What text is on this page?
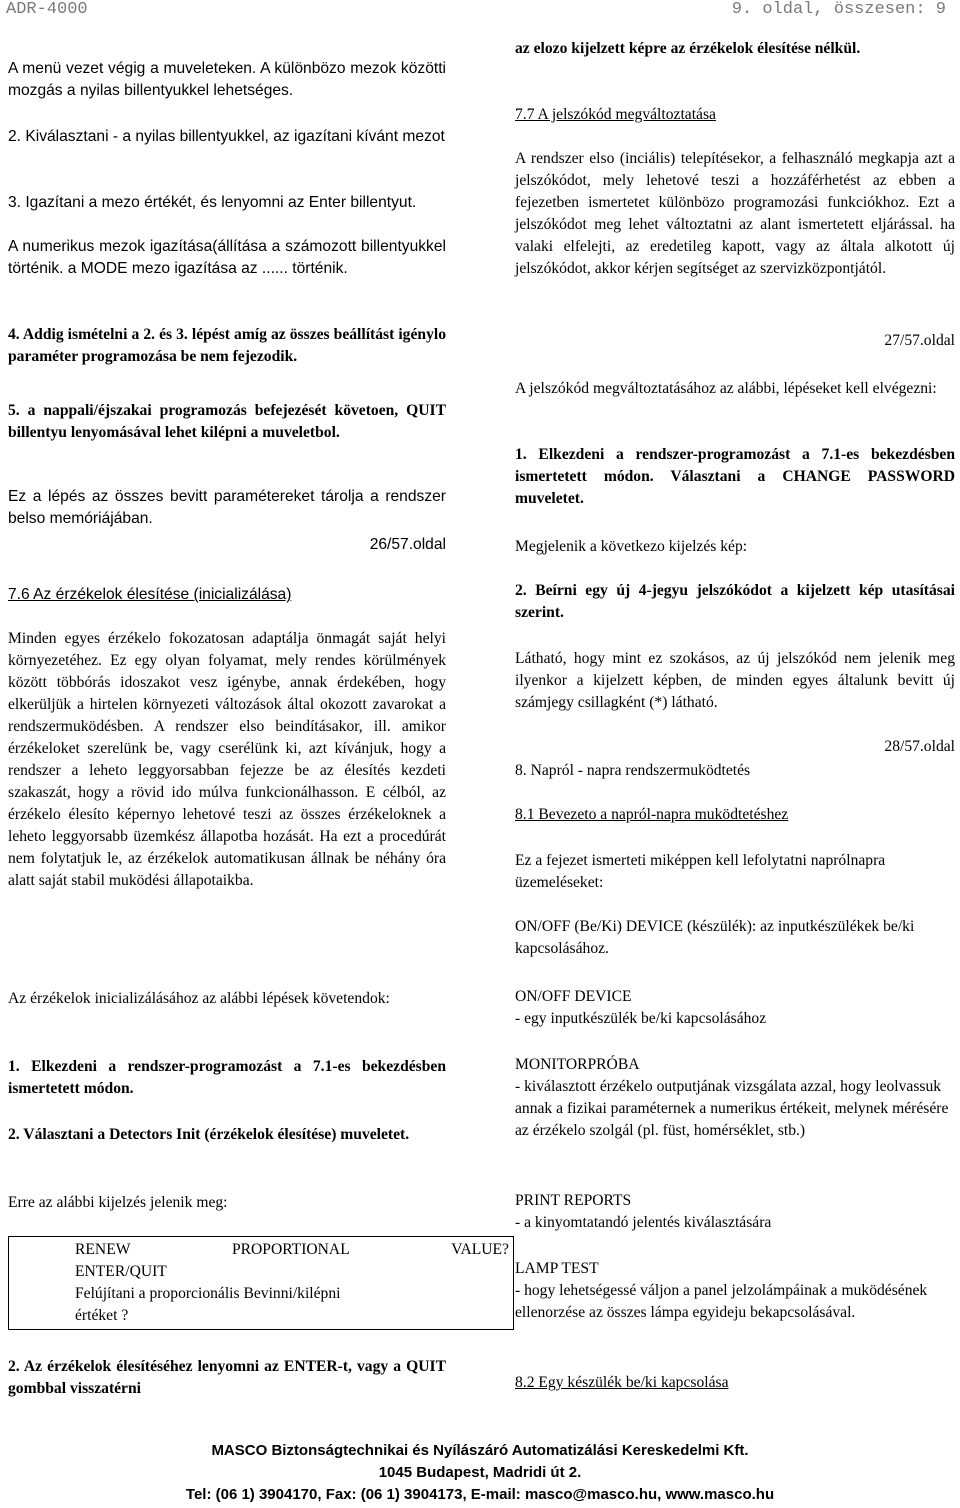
ADR-4000	9. oldal, összesen: 9

A menü vezet végig a muveleteken. A különbözo mezok közötti mozgás a nyilas billentyukkel lehetséges.

2. Kiválasztani - a nyilas billentyukkel, az igazítani kívánt mezot

3. Igazítani a mezo értékét, és lenyomni az Enter billentyut.

A numerikus mezok igazítása(állítása a számozott billentyukkel történik. a MODE mezo igazítása az ...... történik.

4. Addig ismételni a 2. és 3. lépést amíg az összes beállítást igénylo paraméter programozása be nem fejezodik.

5. a nappali/éjszakai programozás befejezését követoen, QUIT billentyu lenyomásával lehet kilépni a muveletbol.

Ez a lépés az összes bevitt paramétereket tárolja a rendszer belso memóriájában.

26/57.oldal

7.6 Az érzékelok élesítése (inicializálása)

Minden egyes érzékelo fokozatosan adaptálja önmagát saját helyi környezetéhez. Ez egy olyan folyamat, mely rendes körülmények között többórás idoszakot vesz igénybe, annak érdekében, hogy elkerüljük a hirtelen környezeti változások által okozott zavarokat a rendszermuködésben. A rendszer elso beindításakor, ill. amikor érzékeloket szerelünk be, vagy cserélünk ki, azt kívánjuk, hogy a rendszer a leheto leggyorsabban fejezze be az élesítés kezdeti szakaszát, hogy a rövid ido múlva funkcionálhasson. E célból, az érzékelo élesíto képernyo lehetové teszi az összes érzékeloknek a leheto leggyorsabb üzemkész állapotba hozását. Ha ezt a procedúrát nem folytatjuk le, az érzékelok automatikusan állnak be néhány óra alatt saját stabil muködési állapotaikba.

Az érzékelok inicializálásához az alábbi lépések követendok:

1. Elkezdeni a rendszer-programozást a 7.1-es bekezdésben ismertetett módon.

2. Választani a Detectors Init (érzékelok élesítése) muveletet.

Erre az alábbi kijelzés jelenik meg:

RENEW	PROPORTIONAL	VALUE?
ENTER/QUIT
Felújítani a proporcionális Bevinni/kilépni
értéket ?

2. Az érzékelok élesítéséhez lenyomni az ENTER-t, vagy a QUIT gombbal visszatérni

az elozo kijelzett képre az érzékelok élesítése nélkül.

7.7 A jelszókód megváltoztatása

A rendszer elso (inciális) telepítésekor, a felhasználó megkapja azt a jelszókódot, mely lehetové teszi a hozzáférhetést az ebben a fejezetben ismertetet különbözo programozási funkciókhoz. Ezt a jelszókódot meg lehet változtatni az alant ismertetett eljárással. ha valaki elfelejti, az eredetileg kapott, vagy az általa alkotott új jelszókódot, akkor kérjen segítséget az szervizközpontjától.

27/57.oldal

A jelszókód megváltoztatásához az alábbi, lépéseket kell elvégezni:

1. Elkezdeni a rendszer-programozást a 7.1-es bekezdésben ismertetett módon. Választani a CHANGE PASSWORD muveletet.

Megjelenik a következo kijelzés kép:

2. Beírni egy új 4-jegyu jelszókódot a kijelzett kép utasításai szerint.

Látható, hogy mint ez szokásos, az új jelszókód nem jelenik meg ilyenkor a kijelzett képben, de minden egyes általunk bevitt új számjegy csillagként (*) látható.

28/57.oldal

8. Napról - napra rendszermuködtetés

8.1 Bevezeto a napról-napra muködtetéshez

Ez a fejezet ismerteti miképpen kell lefolytatni naprólnapra üzemeléseket:

ON/OFF (Be/Ki) DEVICE (készülék): az inputkészülékek be/ki kapcsolásához.

ON/OFF DEVICE

- egy inputkészülék be/ki kapcsolásához

MONITORPRÓBA

- kiválasztott érzékelo outputjának vizsgálata azzal, hogy leolvassuk annak a fizikai paraméternek a numerikus értékeit, melynek mérésére az érzékelo szolgál (pl. füst, homérséklet, stb.)

PRINT REPORTS

- a kinyomtatandó jelentés kiválasztására

LAMP TEST

- hogy lehetségessé váljon a panel jelzolámpáinak a muködésének ellenorzése az összes lámpa egyideju bekapcsolásával.

8.2 Egy készülék be/ki kapcsolása

MASCO Biztonságtechnikai és Nyílászáró Automatizálási Kereskedelmi Kft.
1045 Budapest, Madridi út 2.
Tel: (06 1) 3904170, Fax: (06 1) 3904173, E-mail: masco@masco.hu, www.masco.hu
